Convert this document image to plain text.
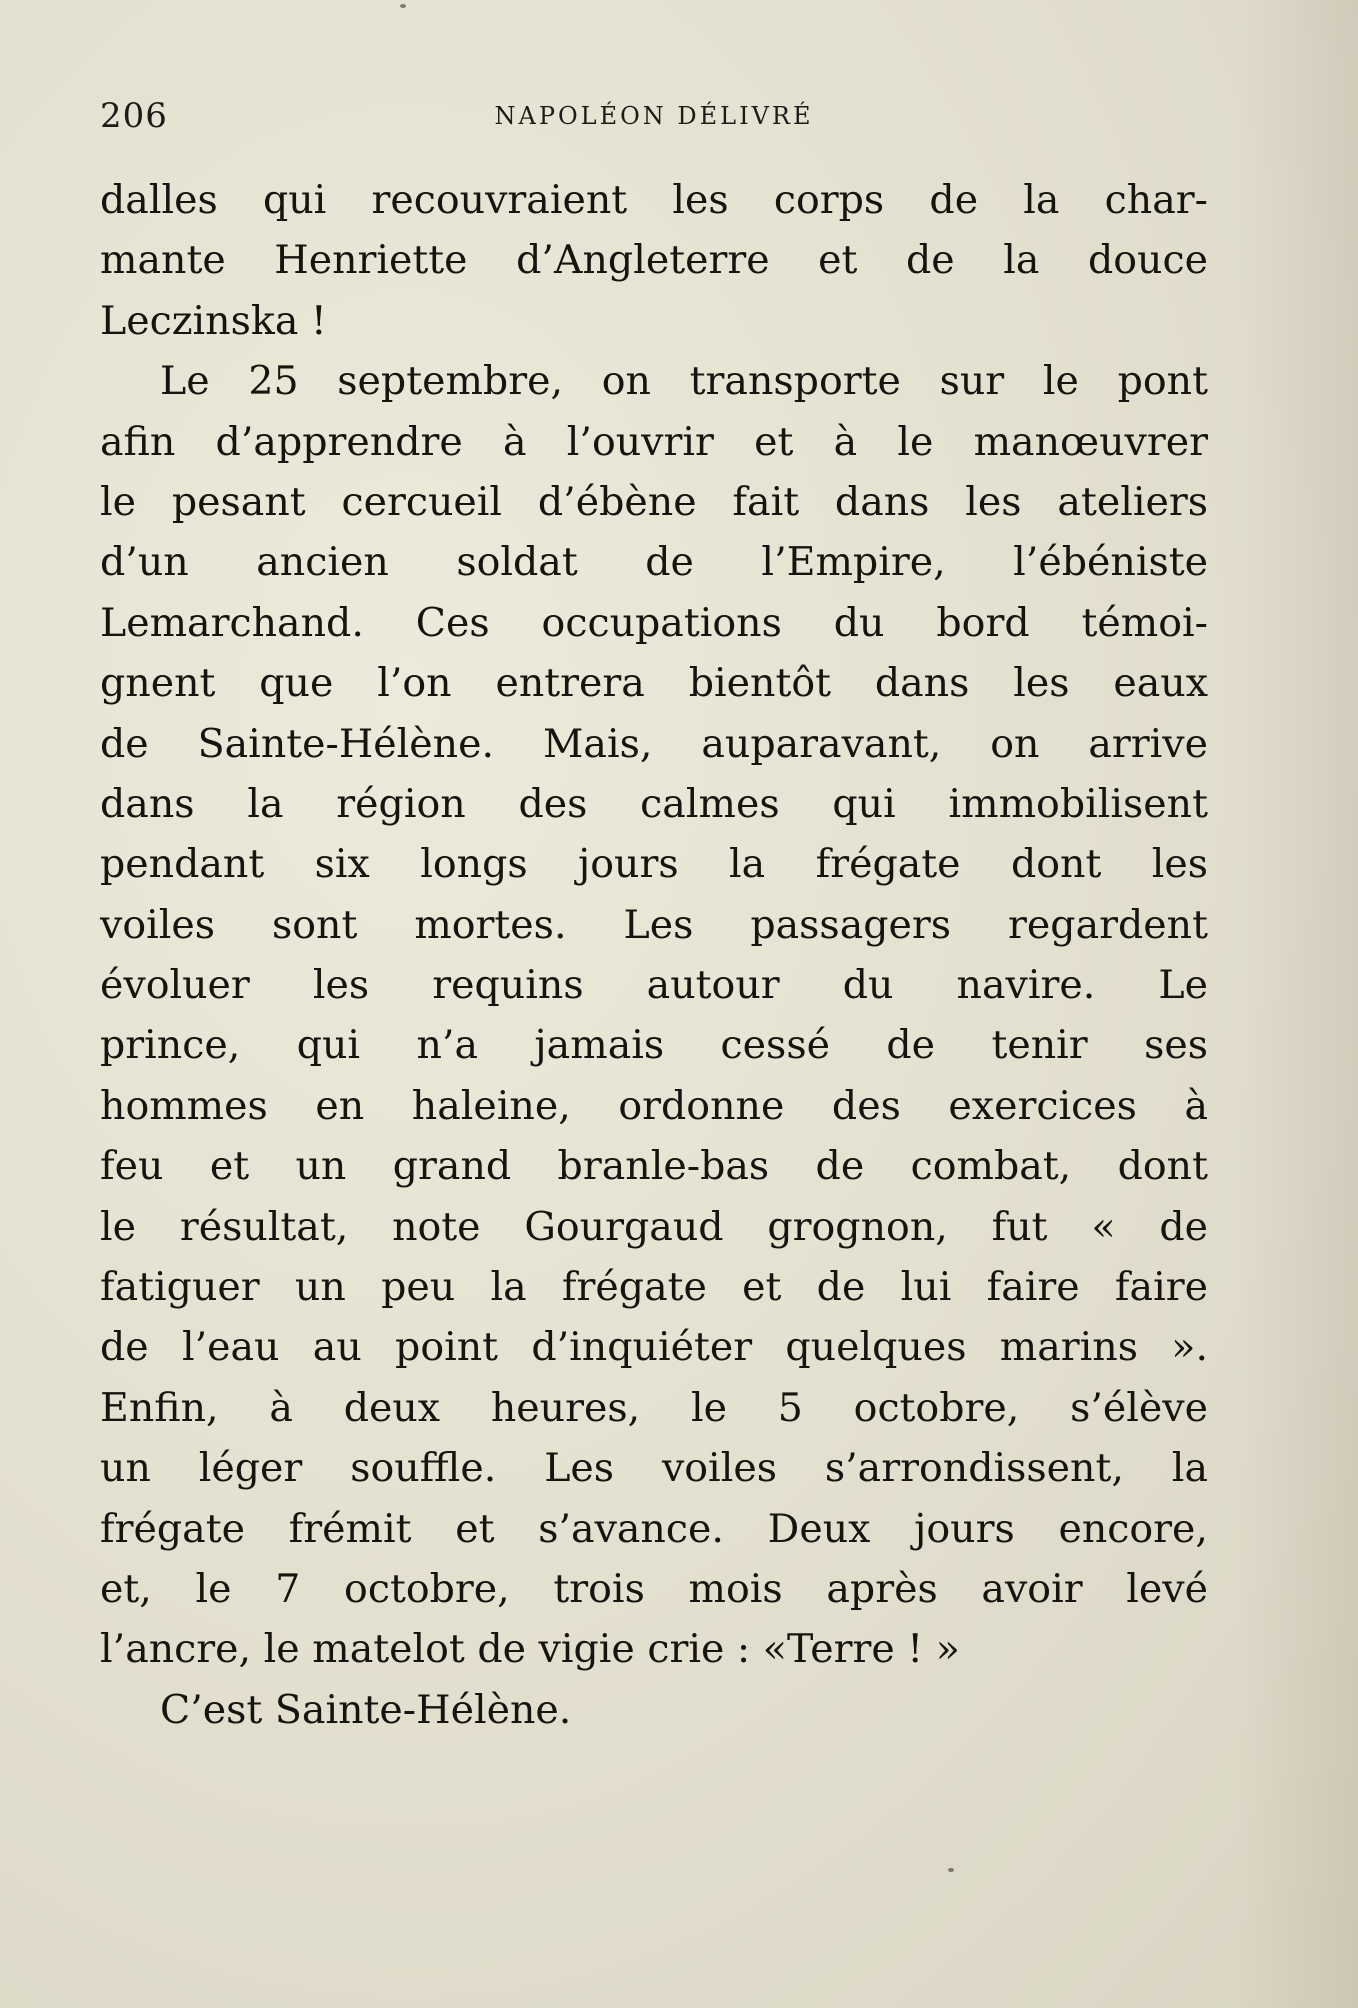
206	NAPOLÉON DÉLIVRÉ
dalles qui recouvraient les corps de la char-
mante Henriette d’Angleterre et de la douce
Leczinska !
Le 25 septembre, on transporte sur le pont
afin d’apprendre à l’ouvrir et à le manœuvrer
le pesant cercueil d’ébène fait dans les ateliers
d’un ancien soldat de l’Empire, l’ébéniste
Lemarchand. Ces occupations du bord témoi-
gnent que l’on entrera bientôt dans les eaux
de Sainte-Hélène. Mais, auparavant, on arrive
dans la région des calmes qui immobilisent
pendant six longs jours la frégate dont les
voiles sont mortes. Les passagers regardent
évoluer les requins autour du navire. Le
prince, qui n’a jamais cessé de tenir ses
hommes en haleine, ordonne des exercices à
feu et un grand branle-bas de combat, dont
le résultat, note Gourgaud grognon, fut « de
fatiguer un peu la frégate et de lui faire faire
de l’eau au point d’inquiéter quelques marins ».
Enfin, à deux heures, le 5 octobre, s’élève
un léger souffle. Les voiles s’arrondissent, la
frégate frémit et s’avance. Deux jours encore,
et, le 7 octobre, trois mois après avoir levé
l’ancre, le matelot de vigie crie : «Terre ! »
C’est Sainte-Hélène.
